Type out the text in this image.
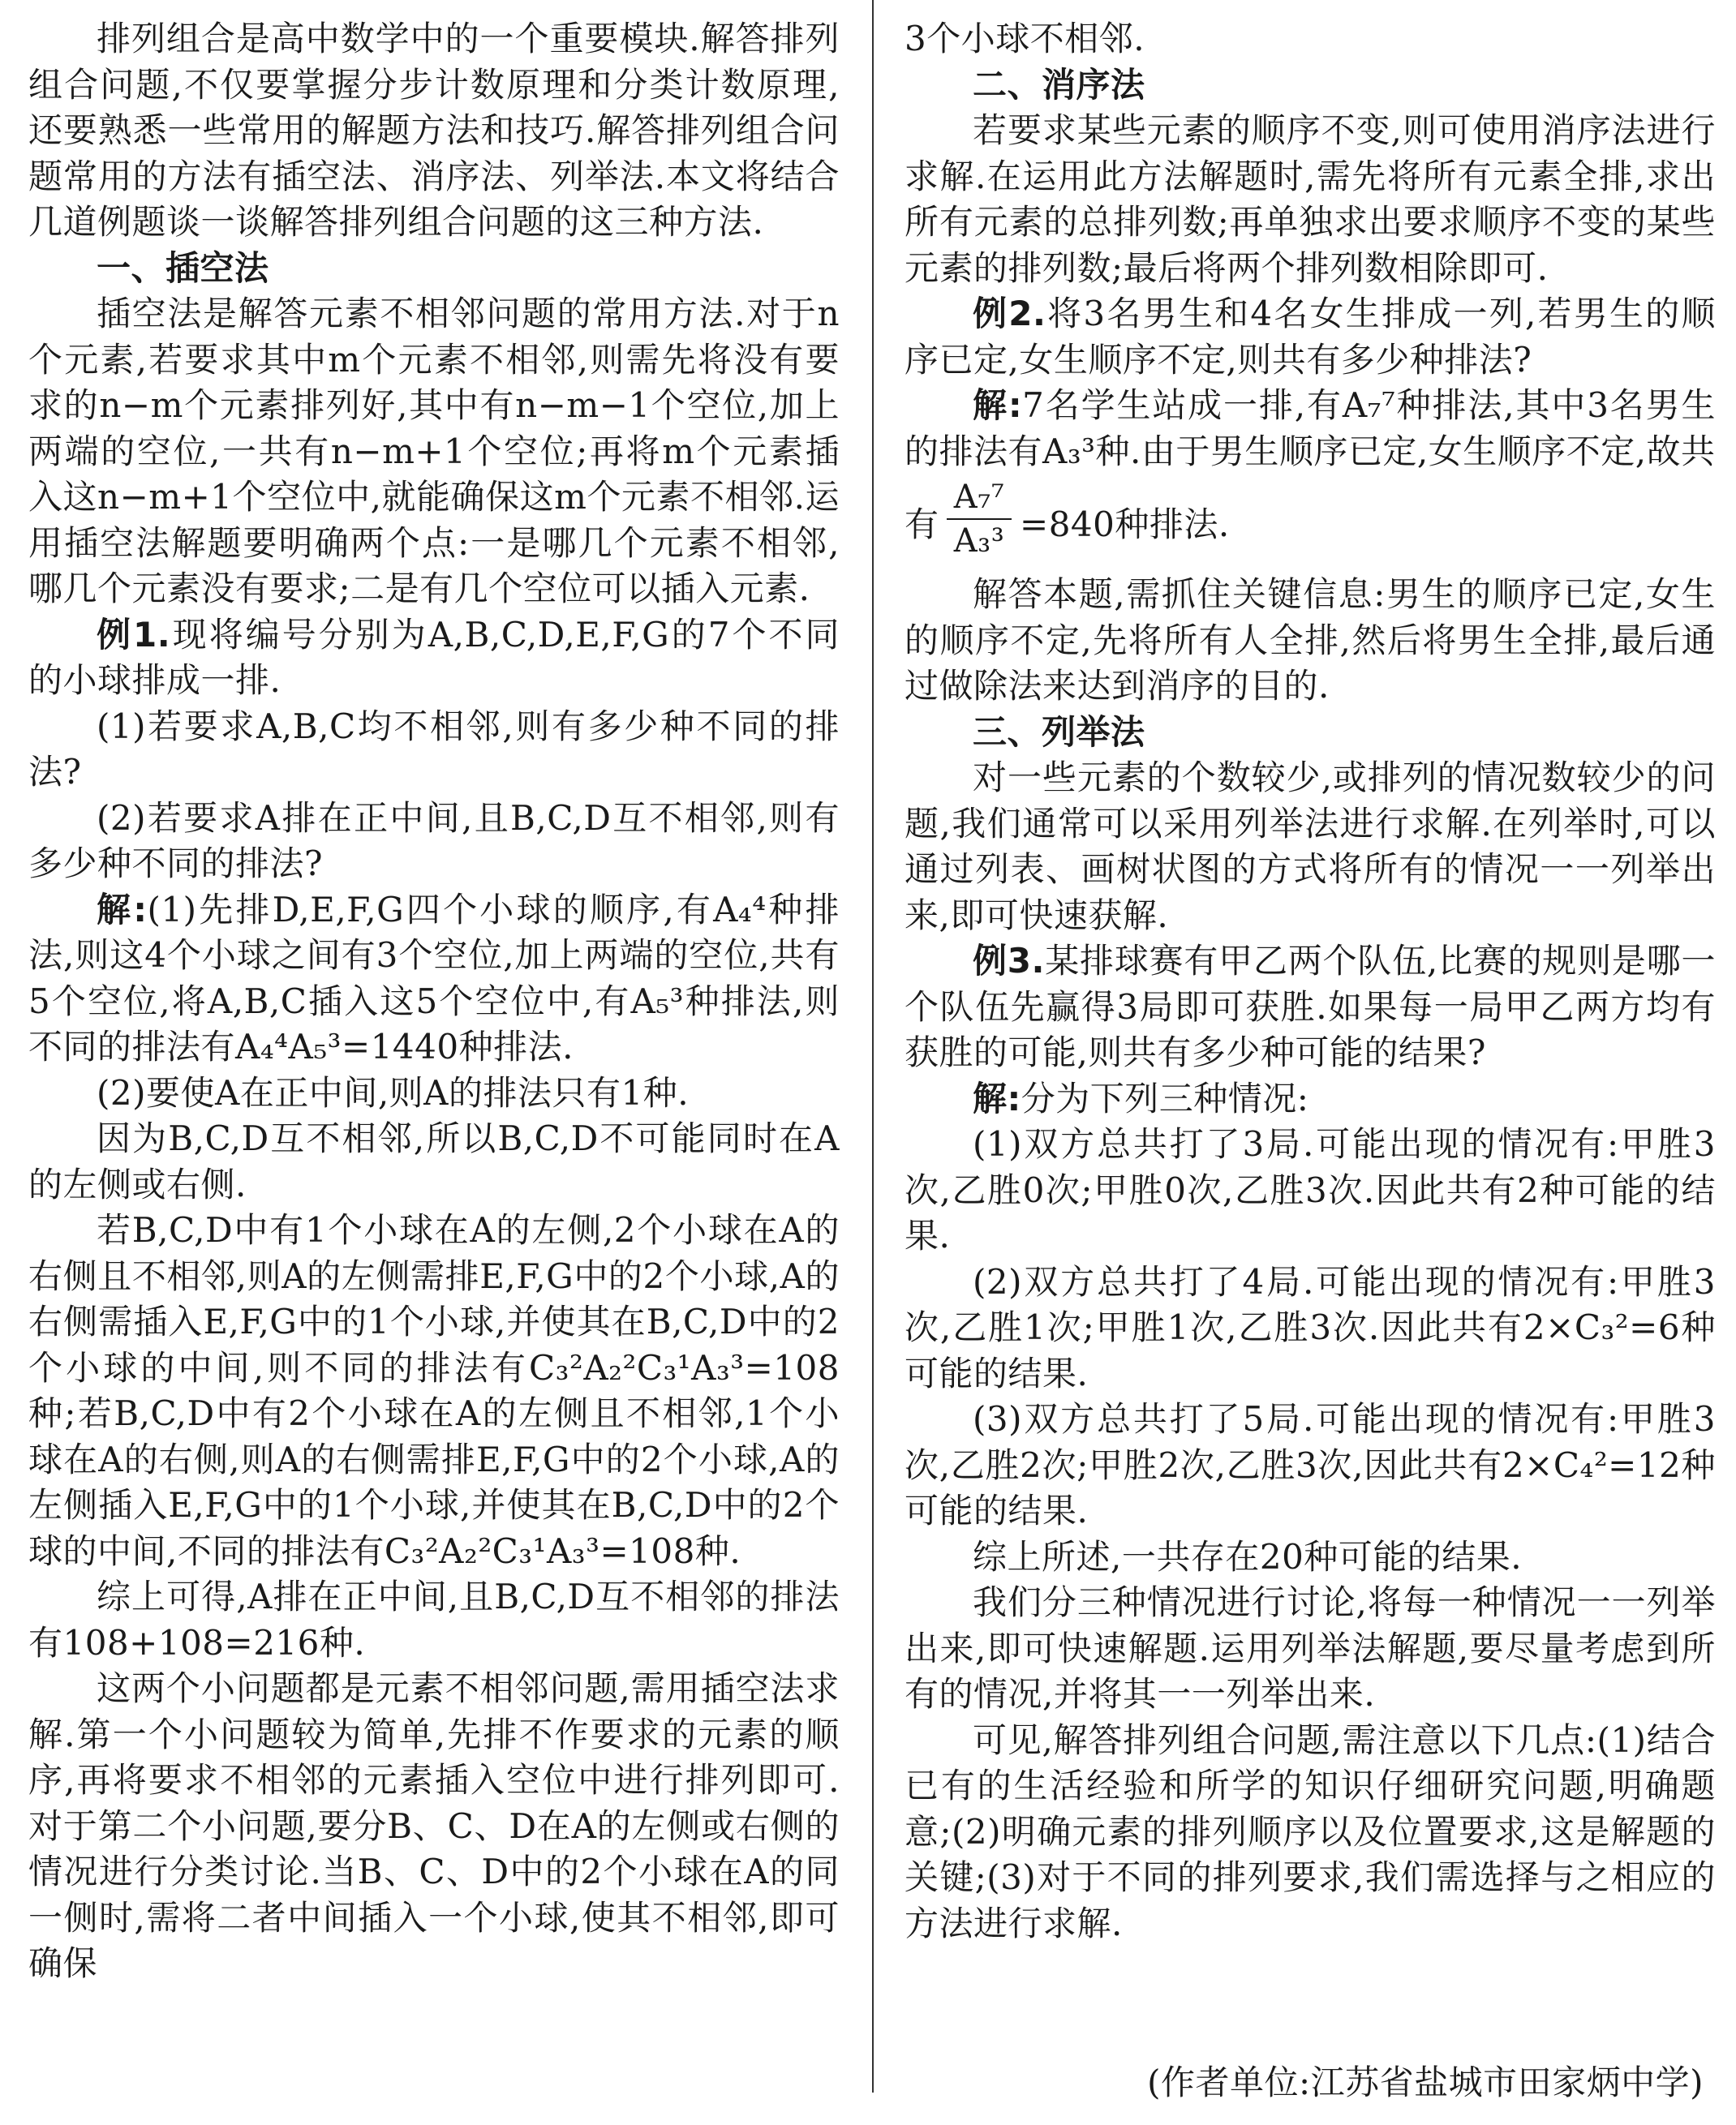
排列组合是高中数学中的一个重要模块.解答排列组合问题,不仅要掌握分步计数原理和分类计数原理,还要熟悉一些常用的解题方法和技巧.解答排列组合问题常用的方法有插空法、消序法、列举法.本文将结合几道例题谈一谈解答排列组合问题的这三种方法.

一、插空法

插空法是解答元素不相邻问题的常用方法.对于n个元素,若要求其中m个元素不相邻,则需先将没有要求的n−m个元素排列好,其中有n−m−1个空位,加上两端的空位,一共有n−m+1个空位;再将m个元素插入这n−m+1个空位中,就能确保这m个元素不相邻.运用插空法解题要明确两个点:一是哪几个元素不相邻,哪几个元素没有要求;二是有几个空位可以插入元素.

例1.现将编号分别为A,B,C,D,E,F,G的7个不同的小球排成一排.

(1)若要求A,B,C均不相邻,则有多少种不同的排法?

(2)若要求A排在正中间,且B,C,D互不相邻,则有多少种不同的排法?

解:(1)先排D,E,F,G四个小球的顺序,有A₄⁴种排法,则这4个小球之间有3个空位,加上两端的空位,共有5个空位,将A,B,C插入这5个空位中,有A₅³种排法,则不同的排法有A₄⁴A₅³=1440种排法.

(2)要使A在正中间,则A的排法只有1种.

因为B,C,D互不相邻,所以B,C,D不可能同时在A的左侧或右侧.

若B,C,D中有1个小球在A的左侧,2个小球在A的右侧且不相邻,则A的左侧需排E,F,G中的2个小球,A的右侧需插入E,F,G中的1个小球,并使其在B,C,D中的2个小球的中间,则不同的排法有C₃²A₂²C₃¹A₃³=108种;若B,C,D中有2个小球在A的左侧且不相邻,1个小球在A的右侧,则A的右侧需排E,F,G中的2个小球,A的左侧插入E,F,G中的1个小球,并使其在B,C,D中的2个球的中间,不同的排法有C₃²A₂²C₃¹A₃³=108种.

综上可得,A排在正中间,且B,C,D互不相邻的排法有108+108=216种.

这两个小问题都是元素不相邻问题,需用插空法求解.第一个小问题较为简单,先排不作要求的元素的顺序,再将要求不相邻的元素插入空位中进行排列即可.对于第二个小问题,要分B、C、D在A的左侧或右侧的情况进行分类讨论.当B、C、D中的2个小球在A的同一侧时,需将二者中间插入一个小球,使其不相邻,即可确保

3个小球不相邻.

二、消序法

若要求某些元素的顺序不变,则可使用消序法进行求解.在运用此方法解题时,需先将所有元素全排,求出所有元素的总排列数;再单独求出要求顺序不变的某些元素的排列数;最后将两个排列数相除即可.

例2.将3名男生和4名女生排成一列,若男生的顺序已定,女生顺序不定,则共有多少种排法?

解:7名学生站成一排,有A₇⁷种排法,其中3名男生的排法有A₃³种.由于男生顺序已定,女生顺序不定,故共

有 $\frac{\text{A₇⁷}}{\text{A₃³}} =840$种排法.

解答本题,需抓住关键信息:男生的顺序已定,女生的顺序不定,先将所有人全排,然后将男生全排,最后通过做除法来达到消序的目的.

三、列举法

对一些元素的个数较少,或排列的情况数较少的问题,我们通常可以采用列举法进行求解.在列举时,可以通过列表、画树状图的方式将所有的情况一一列举出来,即可快速获解.

例3.某排球赛有甲乙两个队伍,比赛的规则是哪一个队伍先赢得3局即可获胜.如果每一局甲乙两方均有获胜的可能,则共有多少种可能的结果?

解:分为下列三种情况:

(1)双方总共打了3局.可能出现的情况有:甲胜3次,乙胜0次;甲胜0次,乙胜3次.因此共有2种可能的结果.

(2)双方总共打了4局.可能出现的情况有:甲胜3次,乙胜1次;甲胜1次,乙胜3次.因此共有2×C₃²=6种可能的结果.

(3)双方总共打了5局.可能出现的情况有:甲胜3次,乙胜2次;甲胜2次,乙胜3次,因此共有2×C₄²=12种可能的结果.

综上所述,一共存在20种可能的结果.

我们分三种情况进行讨论,将每一种情况一一列举出来,即可快速解题.运用列举法解题,要尽量考虑到所有的情况,并将其一一列举出来.

可见,解答排列组合问题,需注意以下几点:(1)结合已有的生活经验和所学的知识仔细研究问题,明确题意;(2)明确元素的排列顺序以及位置要求,这是解题的关键;(3)对于不同的排列要求,我们需选择与之相应的方法进行求解.

(作者单位:江苏省盐城市田家炳中学)
